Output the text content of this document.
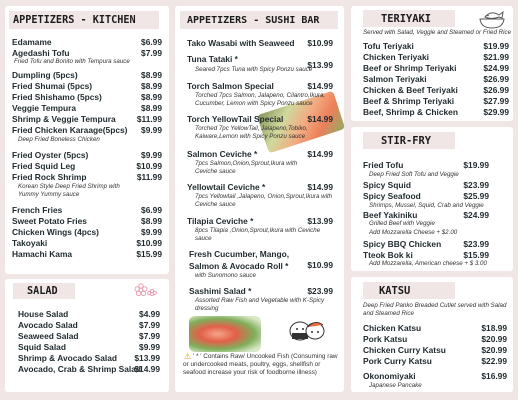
APPETIZERS - KITCHEN
Edamame	$6.99
Agedashi Tofu	$7.99
Fried Tofu and Bonito with Tempura sauce
Dumpling (5pcs)	$8.99
Fried Shumai (5pcs)	$8.99
Fried Shishamo (5pcs)	$8.99
Veggie Tempura	$8.99
Shrimp & Veggie Tempura	$11.99
Fried Chicken Karaage(5pcs) $9.99
Deep Fried Boneless Chicken
Fried Oyster (5pcs)	$9.99
Fried Squid Leg	$10.99
Fried Rock Shrimp	$11.99
Korean Style Deep Fried Shrimp with Yummy Yummy sauce
French Fries	$6.99
Sweet Potato Fries	$8.99
Chicken Wings (4pcs)	$9.99
Takoyaki	$10.99
Hamachi Kama	$15.99
SALAD
House Salad	$4.99
Avocado Salad	$7.99
Seaweed Salad	$7.99
Squid Salad	$9.99
Shrimp & Avocado Salad $13.99
Avocado, Crab & Shrimp Salad
$14.99
APPETIZERS - SUSHI BAR
Tako Wasabi with Seaweed $10.99
Tuna Tataki *
$13.99
Seared 7pcs Tuna with Spicy Ponzu sauce
Torch Salmon Special	$14.99
Torched 7pcs Salmon, Jalapeno, Cilantro,Ikura, Cucumber, Lemon with Spicy Ponzu sauce
Torch YellowTail Special	$14.99
Torched 7pc YellowTail, Jalapeno,Tobiko, Kaiware,Lemon with Spicy Ponzu sauce
Salmon Ceviche *	$14.99
7pcs Salmon,Onion,Sprout,Ikura with Ceviche sauce
Yellowtail Ceviche *	$14.99
7pcs Yellowtail ,Jalapeno, Onion,Sprout,Ikura with Ceviche sauce
Tilapia Ceviche *	$13.99
8pcs Tilapia ,Onion,Sprout,Ikura with Ceviche sauce
Fresh Cucumber, Mango, Salmon & Avocado Roll *	$10.99
with Sunomono sauce
Sashimi Salad *	$23.99
Assorted Raw Fish and Vegetable with K-Spicy dressing
⚠ ' * ' Contains Raw/ Uncooked Fish (Consuming raw or undercooked meats, poultry, eggs, shellfish or seafood increase your risk of foodborne illness)
TERIYAKI
Served with Salad, Veggie and Steamed or Fried Rice
Tofu Teriyaki	$19.99
Chicken Teriyaki	$21.99
Beef or Shrimp Teriyaki	$24.99
Salmon Teriyaki	$26.99
Chicken & Beef Teriyaki	$26.99
Beef & Shrimp Teriyaki	$27.99
Beef, Shrimp & Chicken	$29.99
STIR-FRY
Fried Tofu	$19.99
Deep Fried Soft Tofu and Veggie
Spicy Squid	$23.99
Spicy Seafood	$25.99
Shrimps, Mussel, Squid, Crab and Veggie
Beef Yakiniku	$24.99
Grilled Beef with Veggie
Add Mozzarella Cheese + $2.00
Spicy BBQ Chicken	$23.99
Tteok Bok ki	$15.99
Add Mozzarella, American cheese + $ 3.00
KATSU
Deep Fried Panko Breaded Cutlet served with Salad and Steamed Rice
Chicken Katsu	$18.99
Pork Katsu	$20.99
Chicken Curry Katsu	$20.99
Pork Curry Katsu	$22.99
Okonomiyaki	$16.99
Japanese Pancake
